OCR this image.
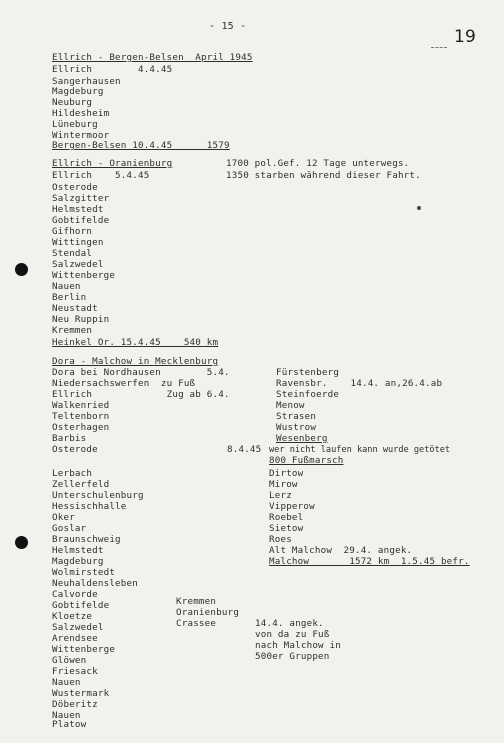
- 15 -
19
Ellrich - Bergen-Belsen  April 1945
Ellrich        4.4.45
Sangerhausen
Magdeburg
Neuburg
Hildesheim
Lüneburg
Wintermoor
Bergen-Belsen 10.4.45      1579
Ellrich - Oranienburg
Ellrich    5.4.45
1700 pol.Gef. 12 Tage unterwegs.
1350 starben während dieser Fahrt.
Osterode
Salzgitter
Helmstedt
Gobtifelde
Gifhorn
Wittingen
Stendal
Salzwedel
Wittenberge
Nauen
Berlin
Neustadt
Neu Ruppin
Kremmen
Heinkel Or. 15.4.45    540 km
Dora - Malchow in Mecklenburg
Dora bei Nordhausen        5.4.
Niedersachswerfen  zu Fuß
Ellrich             Zug ab 6.4.
Walkenried
Teltenborn
Osterhagen
Barbis
Osterode	8.4.45
Fürstenberg
Ravensbr.    14.4. an,26.4.ab
Steinfoerde
Menow
Strasen
Wustrow
Wesenberg
wer nicht laufen kann wurde getötet
800 Fußmarsch
Lerbach
Zellerfeld
Unterschulenburg
Hessischhalle
Oker
Goslar
Braunschweig
Helmstedt
Magdeburg
Wolmirstedt
Neuhaldensleben
Calvorde
Gobtifelde
Kloetze
Salzwedel
Arendsee
Wittenberge
Glöwen
Friesack
Nauen
Wustermark
Döberitz
Nauen
Platow
Dirtow
Mirow
Lerz
Vipperow
Roebel
Sietow
Roes
Alt Malchow  29.4. angek.
Malchow       1572 km  1.5.45 befr.
Kremmen
Oranienburg
Crassee	14.4. angek.
von da zu Fuß
nach Malchow in
500er Gruppen
